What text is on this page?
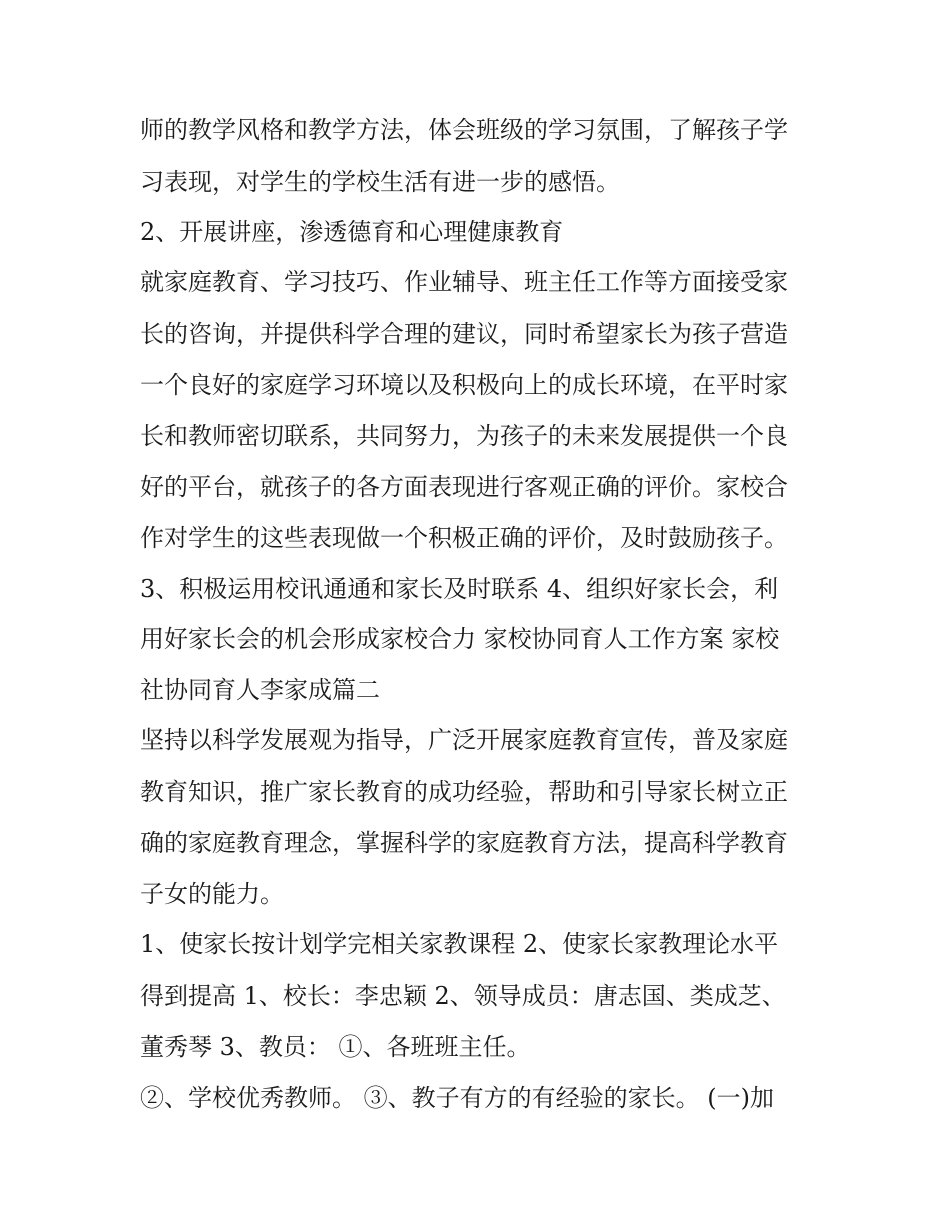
师的教学风格和教学方法，体会班级的学习氛围，了解孩子学

习表现，对学生的学校生活有进一步的感悟。

2、开展讲座，渗透德育和心理健康教育

就家庭教育、学习技巧、作业辅导、班主任工作等方面接受家

长的咨询，并提供科学合理的建议，同时希望家长为孩子营造

一个良好的家庭学习环境以及积极向上的成长环境，在平时家

长和教师密切联系，共同努力，为孩子的未来发展提供一个良

好的平台，就孩子的各方面表现进行客观正确的评价。家校合

作对学生的这些表现做一个积极正确的评价，及时鼓励孩子。

3、积极运用校讯通通和家长及时联系 4、组织好家长会，利

用好家长会的机会形成家校合力 家校协同育人工作方案 家校

社协同育人李家成篇二

坚持以科学发展观为指导，广泛开展家庭教育宣传，普及家庭

教育知识，推广家长教育的成功经验，帮助和引导家长树立正

确的家庭教育理念，掌握科学的家庭教育方法，提高科学教育

子女的能力。

1、使家长按计划学完相关家教课程 2、使家长家教理论水平

得到提高 1、校长：李忠颖 2、领导成员：唐志国、类成芝、

董秀琴 3、教员： ①、各班班主任。

②、学校优秀教师。 ③、教子有方的有经验的家长。 (一)加
